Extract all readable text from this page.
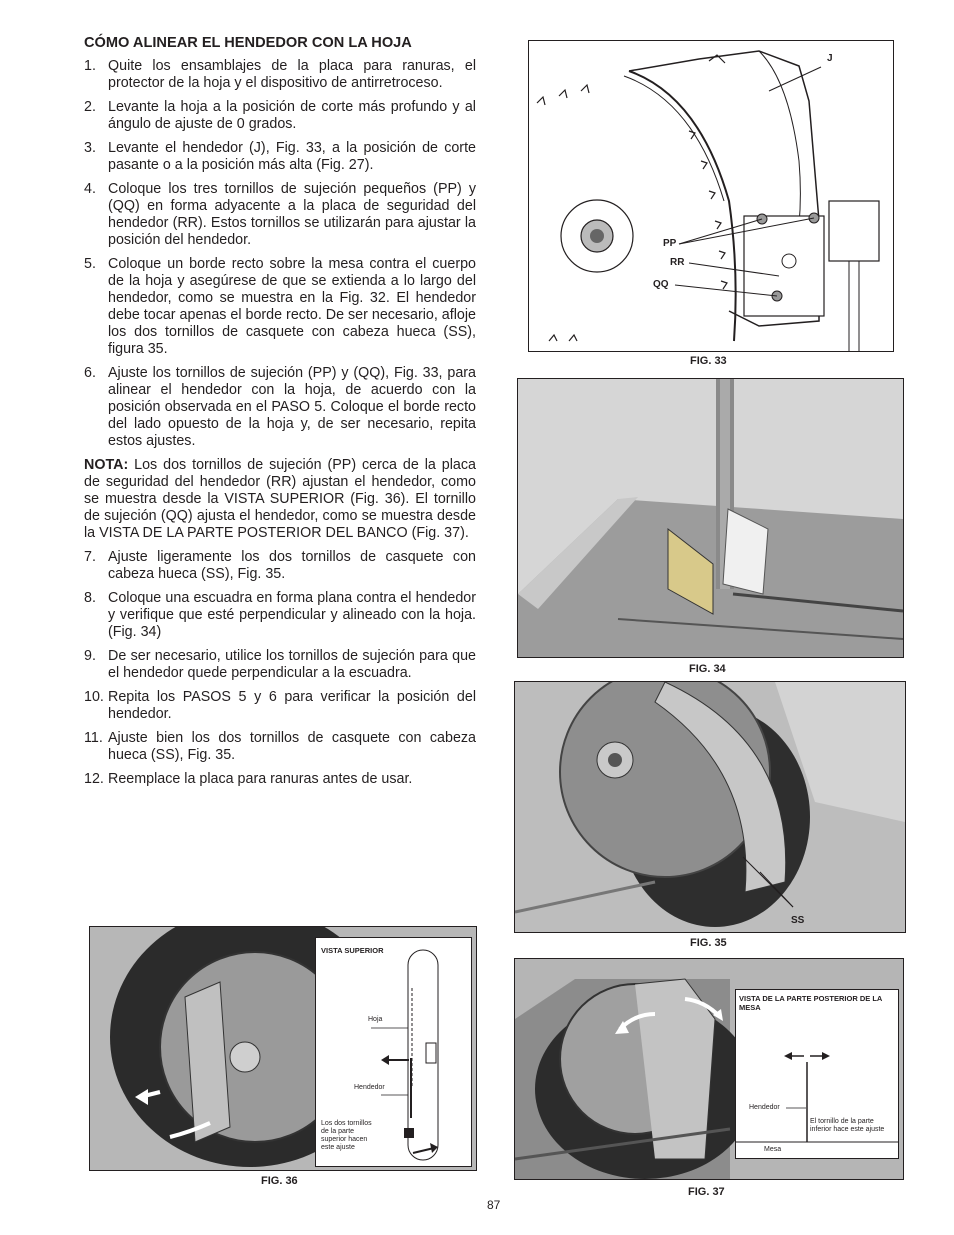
CÓMO ALINEAR EL HENDEDOR CON LA HOJA
1. Quite los ensamblajes de la placa para ranuras, el protector de la hoja y el dispositivo de antirretroceso.
2. Levante la hoja a la posición de corte más profundo y al ángulo de ajuste de 0 grados.
3. Levante el hendedor (J), Fig. 33, a la posición de corte pasante o a la posición más alta (Fig. 27).
4. Coloque los tres tornillos de sujeción pequeños (PP) y (QQ) en forma adyacente a la placa de seguridad del hendedor (RR). Estos tornillos se utilizarán para ajustar la posición del hendedor.
5. Coloque un borde recto sobre la mesa contra el cuerpo de la hoja y asegúrese de que se extienda a lo largo del hendedor, como se muestra en la Fig. 32. El hendedor debe tocar apenas el borde recto. De ser necesario, afloje los dos tornillos de casquete con cabeza hueca (SS), figura 35.
6. Ajuste los tornillos de sujeción (PP) y (QQ), Fig. 33, para alinear el hendedor con la hoja, de acuerdo con la posición observada en el PASO 5. Coloque el borde recto del lado opuesto de la hoja y, de ser necesario, repita estos ajustes.
NOTA: Los dos tornillos de sujeción (PP) cerca de la placa de seguridad del hendedor (RR) ajustan el hendedor, como se muestra desde la VISTA SUPERIOR (Fig. 36). El tornillo de sujeción (QQ) ajusta el hendedor, como se muestra desde la VISTA DE LA PARTE POSTERIOR DEL BANCO (Fig. 37).
7. Ajuste ligeramente los dos tornillos de casquete con cabeza hueca (SS), Fig. 35.
8. Coloque una escuadra en forma plana contra el hendedor y verifique que esté perpendicular y alineado con la hoja. (Fig. 34)
9. De ser necesario, utilice los tornillos de sujeción para que el hendedor quede perpendicular a la escuadra.
10. Repita los PASOS 5 y 6 para verificar la posición del hendedor.
11. Ajuste bien los dos tornillos de casquete con cabeza hueca (SS), Fig. 35.
12. Reemplace la placa para ranuras antes de usar.
J
PP
RR
QQ
FIG. 33
FIG. 34
SS
FIG. 35
VISTA SUPERIOR
Hoja
Hendedor
Los dos tornillos de la parte superior hacen este ajuste
FIG. 36
VISTA DE LA PARTE POSTERIOR DE LA MESA
Hendedor
El tornillo de la parte inferior hace este ajuste
Mesa
FIG. 37
87
